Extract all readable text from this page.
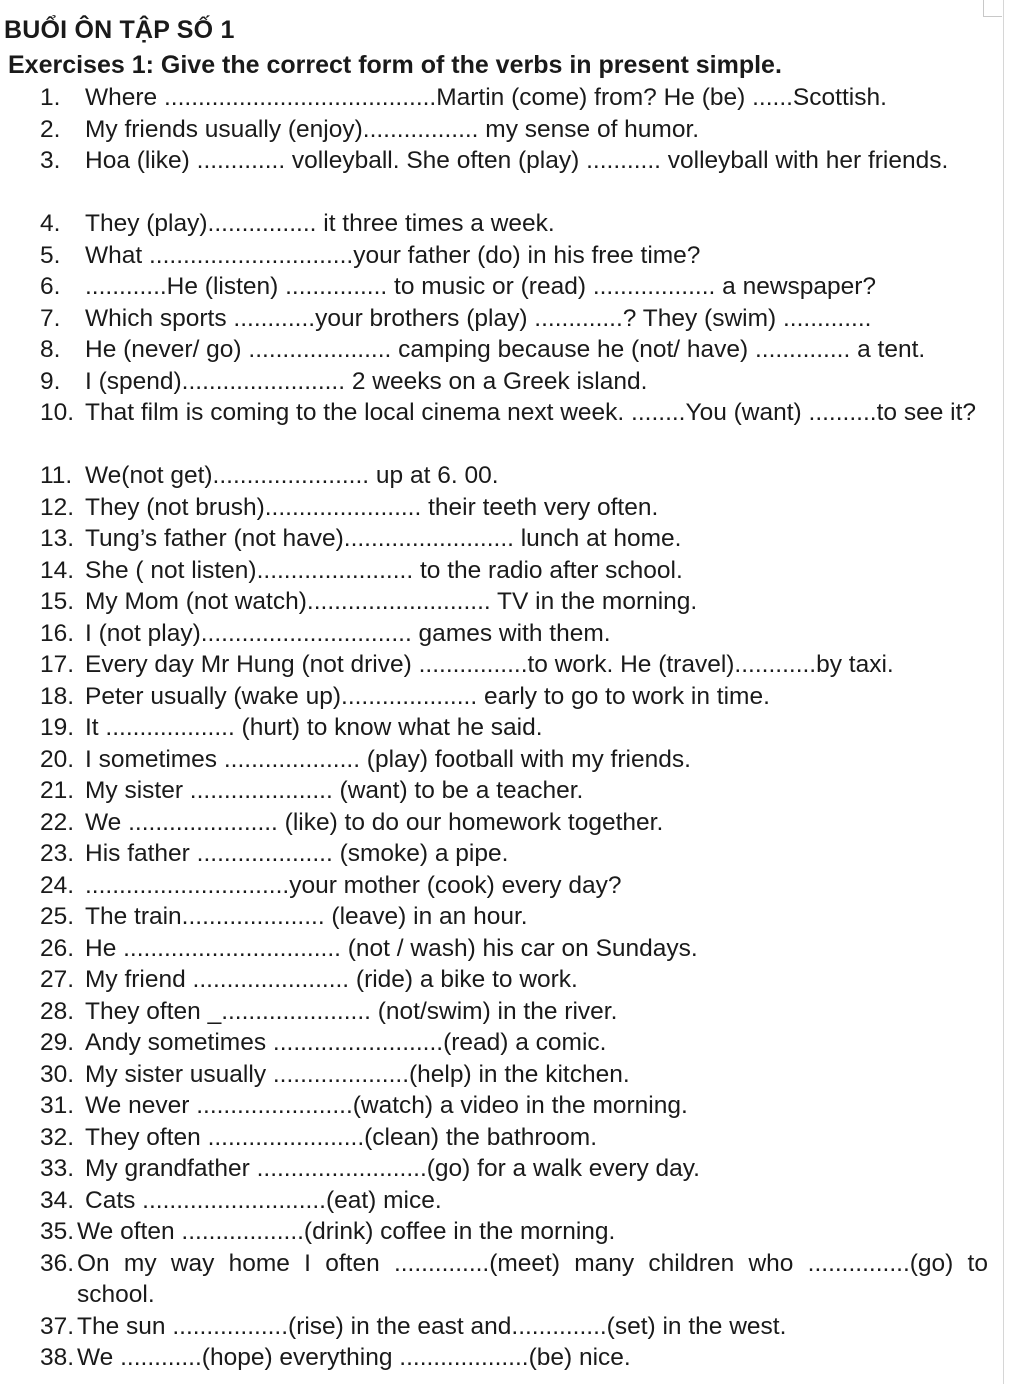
BUỔI ÔN TẬP SỐ 1
Exercises 1: Give the correct form of the verbs in present simple.
1. Where ........................................Martin (come) from? He (be) ......Scottish.
2. My friends usually (enjoy)................. my sense of humor.
3.	Hoa (like) ............. volleyball. She often (play) ........... volleyball with her friends.
4. They (play)................ it three times a week.
5. What ..............................your father (do) in his free time?
6. ............He (listen) ............... to music or (read) .................. a newspaper?
7. Which sports ............your brothers (play) .............? They (swim) .............
8. He (never/ go) ..................... camping because he (not/ have) .............. a tent.
9. I (spend)........................ 2 weeks on a Greek island.
10. That film is coming to the local cinema next week. ........You (want) ..........to see it?
11. We(not get)....................... up at 6. 00.
12. They (not brush)....................... their teeth very often.
13. Tung’s father (not have)......................... lunch at home.
14. She ( not listen)....................... to the radio after school.
15. My Mom (not watch)........................... TV in the morning.
16. I (not play)............................... games with them.
17. Every day Mr Hung (not drive) ................to work. He (travel)............by taxi.
18. Peter usually (wake up).................... early to go to work in time.
19. It ................... (hurt) to know what he said.
20. I sometimes .................... (play) football with my friends.
21. My sister ..................... (want) to be a teacher.
22. We ...................... (like) to do our homework together.
23. His father .................... (smoke) a pipe.
24. ..............................your mother (cook) every day?
25. The train..................... (leave) in an hour.
26. He ................................ (not / wash) his car on Sundays.
27. My friend ....................... (ride) a bike to work.
28. They often _...................... (not/swim) in the river.
29. Andy sometimes .........................(read) a comic.
30. My sister usually ....................(help) in the kitchen.
31. We never .......................(watch) a video in the morning.
32. They often .......................(clean) the bathroom.
33. My grandfather .........................(go) for a walk every day.
34. Cats ...........................(eat) mice.
35. We often ..................(drink) coffee in the morning.
36. On my way home I often ..............(meet) many children who ...............(go) to school.
37. The sun .................(rise) in the east and..............(set) in the west.
38. We ............(hope) everything ...................(be) nice.
